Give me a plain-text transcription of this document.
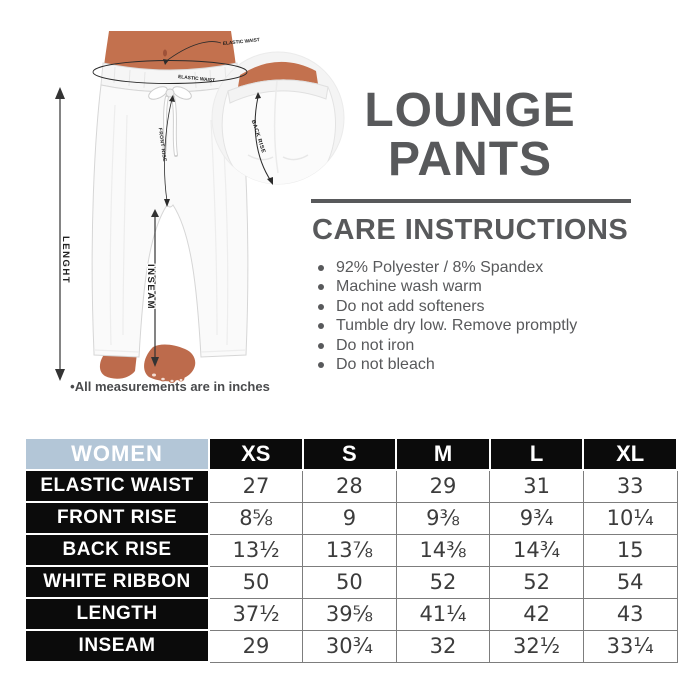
BACK RISE
ELASTIC WAIST
ELASTIC WAIST
FRONT RISE
LENGHT
INSEAM
•All measurements are in inches
LOUNGE
PANTS
CARE INSTRUCTIONS
92% Polyester / 8% Spandex
Machine wash warm
Do not add softeners
Tumble dry low. Remove promptly
Do not iron
Do not bleach
WOMEN	XS	S	M	L	XL
ELASTIC WAIST	27	28	29	31	33
FRONT RISE	8⅝	9	9⅜	9¾	10¼
BACK RISE	13½	13⅞	14⅜	14¾	15
WHITE RIBBON	50	50	52	52	54
LENGTH	37½	39⅝	41¼	42	43
INSEAM	29	30¾	32	32½	33¼
